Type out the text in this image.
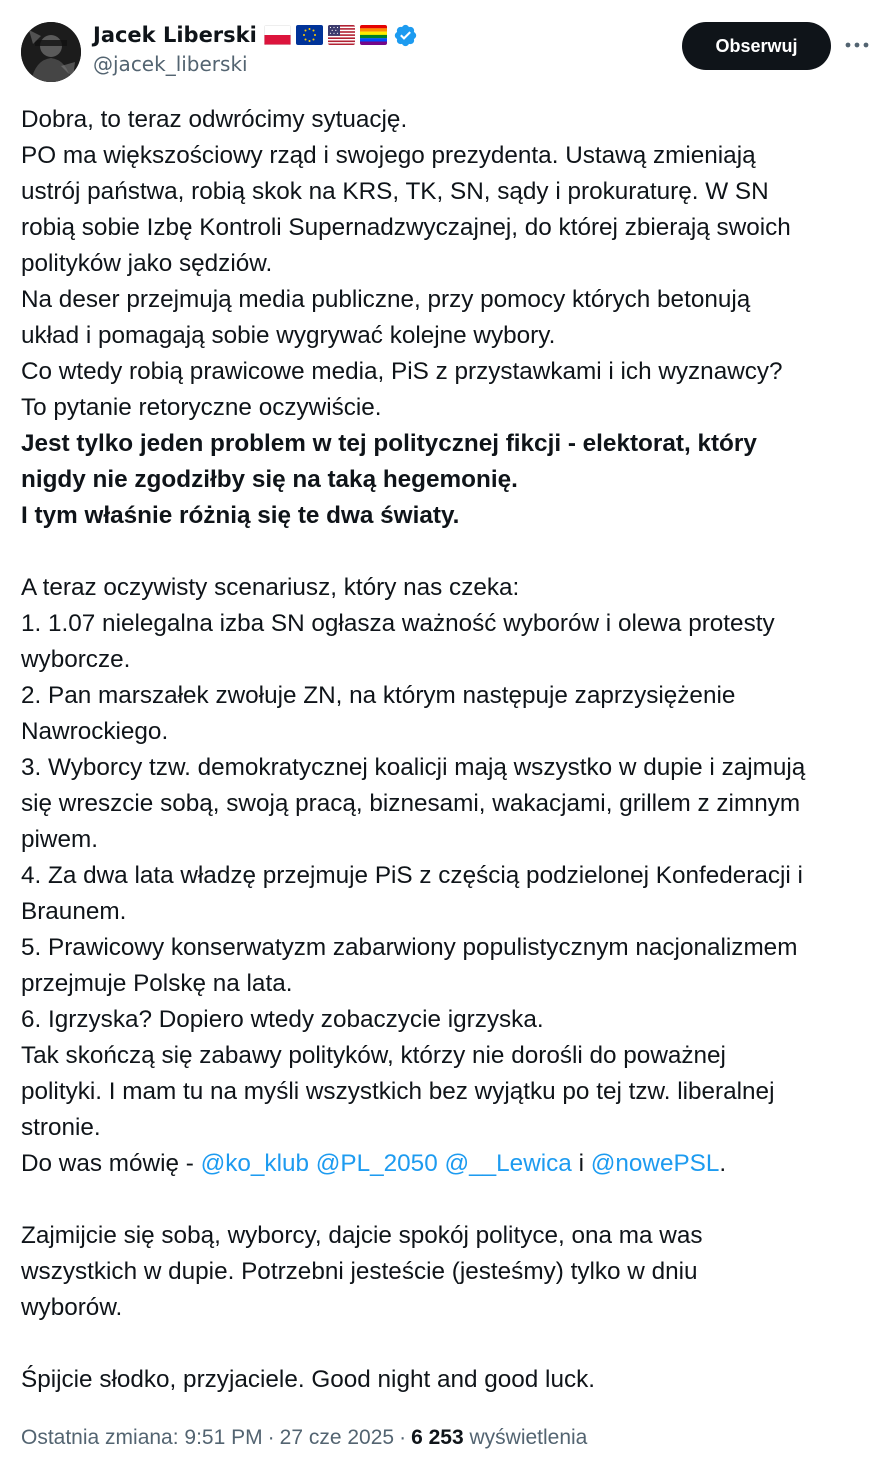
Jacek Liberski
@jacek_liberski
Obserwuj
Dobra, to teraz odwrócimy sytuację.
PO ma większościowy rząd i swojego prezydenta. Ustawą zmieniają
ustrój państwa, robią skok na KRS, TK, SN, sądy i prokuraturę. W SN
robią sobie Izbę Kontroli Supernadzwyczajnej, do której zbierają swoich
polityków jako sędziów.
Na deser przejmują media publiczne, przy pomocy których betonują
układ i pomagają sobie wygrywać kolejne wybory.
Co wtedy robią prawicowe media, PiS z przystawkami i ich wyznawcy?
To pytanie retoryczne oczywiście.
Jest tylko jeden problem w tej politycznej fikcji - elektorat, który
nigdy nie zgodziłby się na taką hegemonię.
I tym właśnie różnią się te dwa światy.
A teraz oczywisty scenariusz, który nas czeka:
1. 1.07 nielegalna izba SN ogłasza ważność wyborów i olewa protesty
wyborcze.
2. Pan marszałek zwołuje ZN, na którym następuje zaprzysiężenie
Nawrockiego.
3. Wyborcy tzw. demokratycznej koalicji mają wszystko w dupie i zajmują
się wreszcie sobą, swoją pracą, biznesami, wakacjami, grillem z zimnym
piwem.
4. Za dwa lata władzę przejmuje PiS z częścią podzielonej Konfederacji i
Braunem.
5. Prawicowy konserwatyzm zabarwiony populistycznym nacjonalizmem
przejmuje Polskę na lata.
6. Igrzyska? Dopiero wtedy zobaczycie igrzyska.
Tak skończą się zabawy polityków, którzy nie dorośli do poważnej
polityki. I mam tu na myśli wszystkich bez wyjątku po tej tzw. liberalnej
stronie.
Do was mówię - @ko_klub @PL_2050 @__Lewica i @nowePSL.
Zajmijcie się sobą, wyborcy, dajcie spokój polityce, ona ma was
wszystkich w dupie. Potrzebni jesteście (jesteśmy) tylko w dniu
wyborów.
Śpijcie słodko, przyjaciele. Good night and good luck.
Ostatnia zmiana:
9:51 PM · 27 cze 2025 · 6 253
wyświetlenia
